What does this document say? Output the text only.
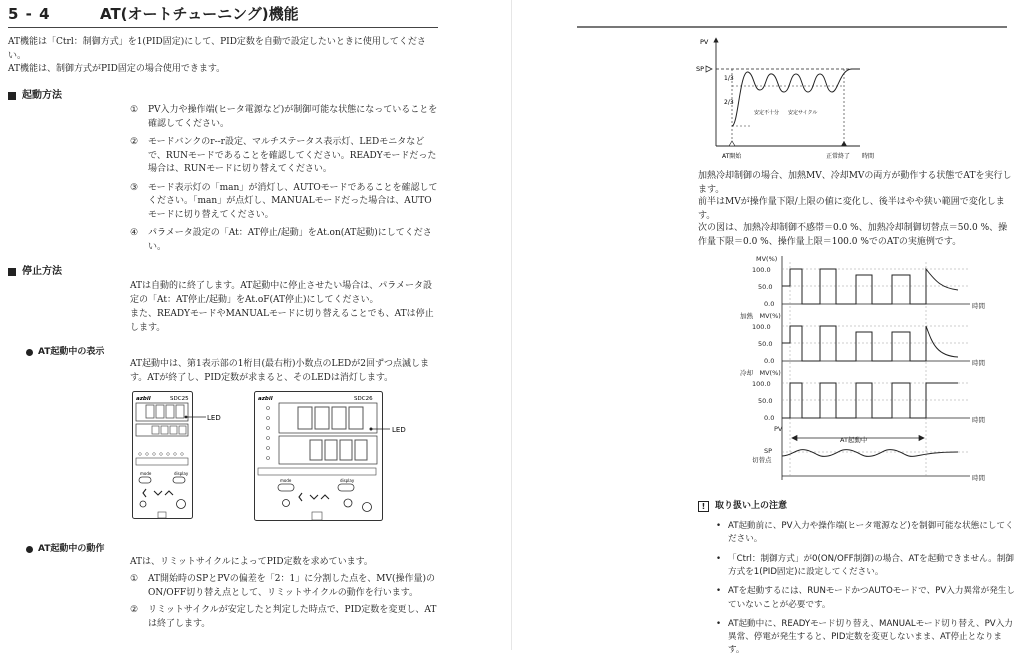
5 - 4	AT(オートチューニング)機能
AT機能は「Ctrl：制御方式」を1(PID固定)にして、PID定数を自動で設定したいときに使用してください。
AT機能は、制御方式がPID固定の場合使用できます。
起動方法
①	PV入力や操作端(ヒータ電源など)が制御可能な状態になっていることを確認してください。
②	モードバンクのr--r設定、マルチステータス表示灯、LEDモニタなどで、RUNモードであることを確認してください。READYモードだった場合は、RUNモードに切り替えてください。
③	モード表示灯の「man」が消灯し、AUTOモードであることを確認してください。「man」が点灯し、MANUALモードだった場合は、AUTOモードに切り替えてください。
④	パラメータ設定の「At：AT停止/起動」をAt.on(AT起動)にしてください。
停止方法
ATは自動的に終了します。AT起動中に停止させたい場合は、パラメータ設定の「At：AT停止/起動」をAt.oF(AT停止)にしてください。
また、READYモードやMANUALモードに切り替えることでも、ATは停止します。
AT起動中の表示
AT起動中は、第1表示部の1桁目(最右桁)小数点のLEDが2回ずつ点滅します。ATが終了し、PID定数が求まると、そのLEDは消灯します。
azbil	SDC25
mode	display
LED
azbil	SDC26
mode	display
LED
AT起動中の動作
ATは、リミットサイクルによってPID定数を求めています。
①	AT開始時のSPとPVの偏差を「2：1」に分割した点を、MV(操作量)のON/OFF切り替え点として、リミットサイクルの動作を行います。
②	リミットサイクルが安定したと判定した時点で、PID定数を変更し、ATは終了します。
PV
SP
1/3
2/3
安定不十分 安定サイクル
AT開始	正常終了 時間
加熱冷却制御の場合、加熱MV、冷却MVの両方が動作する状態でATを実行します。
前半はMVが操作量下限/上限の値に変化し、後半はやや狭い範囲で変化します。
次の図は、加熱冷却制御不感帯＝0.0 %、加熱冷却制御切替点＝50.0 %、操作量下限＝0.0 %、操作量上限＝100.0 %でのATの実施例です。
MV(%)
加熱　MV(%)
冷却　MV(%)
100.0
50.0
0.0
100.0
50.0
0.0
100.0
50.0
0.0
時間
時間
時間
時間
PV
SP
切替点
AT起動中
!	取り扱い上の注意
• AT起動前に、PV入力や操作端(ヒータ電源など)を制御可能な状態にしてください。
• 「Ctrl：制御方式」が0(ON/OFF制御)の場合、ATを起動できません。制御方式を1(PID固定)に設定してください。
• ATを起動するには、RUNモードかつAUTOモードで、PV入力異常が発生していないことが必要です。
• AT起動中に、READYモード切り替え、MANUALモード切り替え、PV入力異常、停電が発生すると、PID定数を変更しないまま、AT停止となります。
